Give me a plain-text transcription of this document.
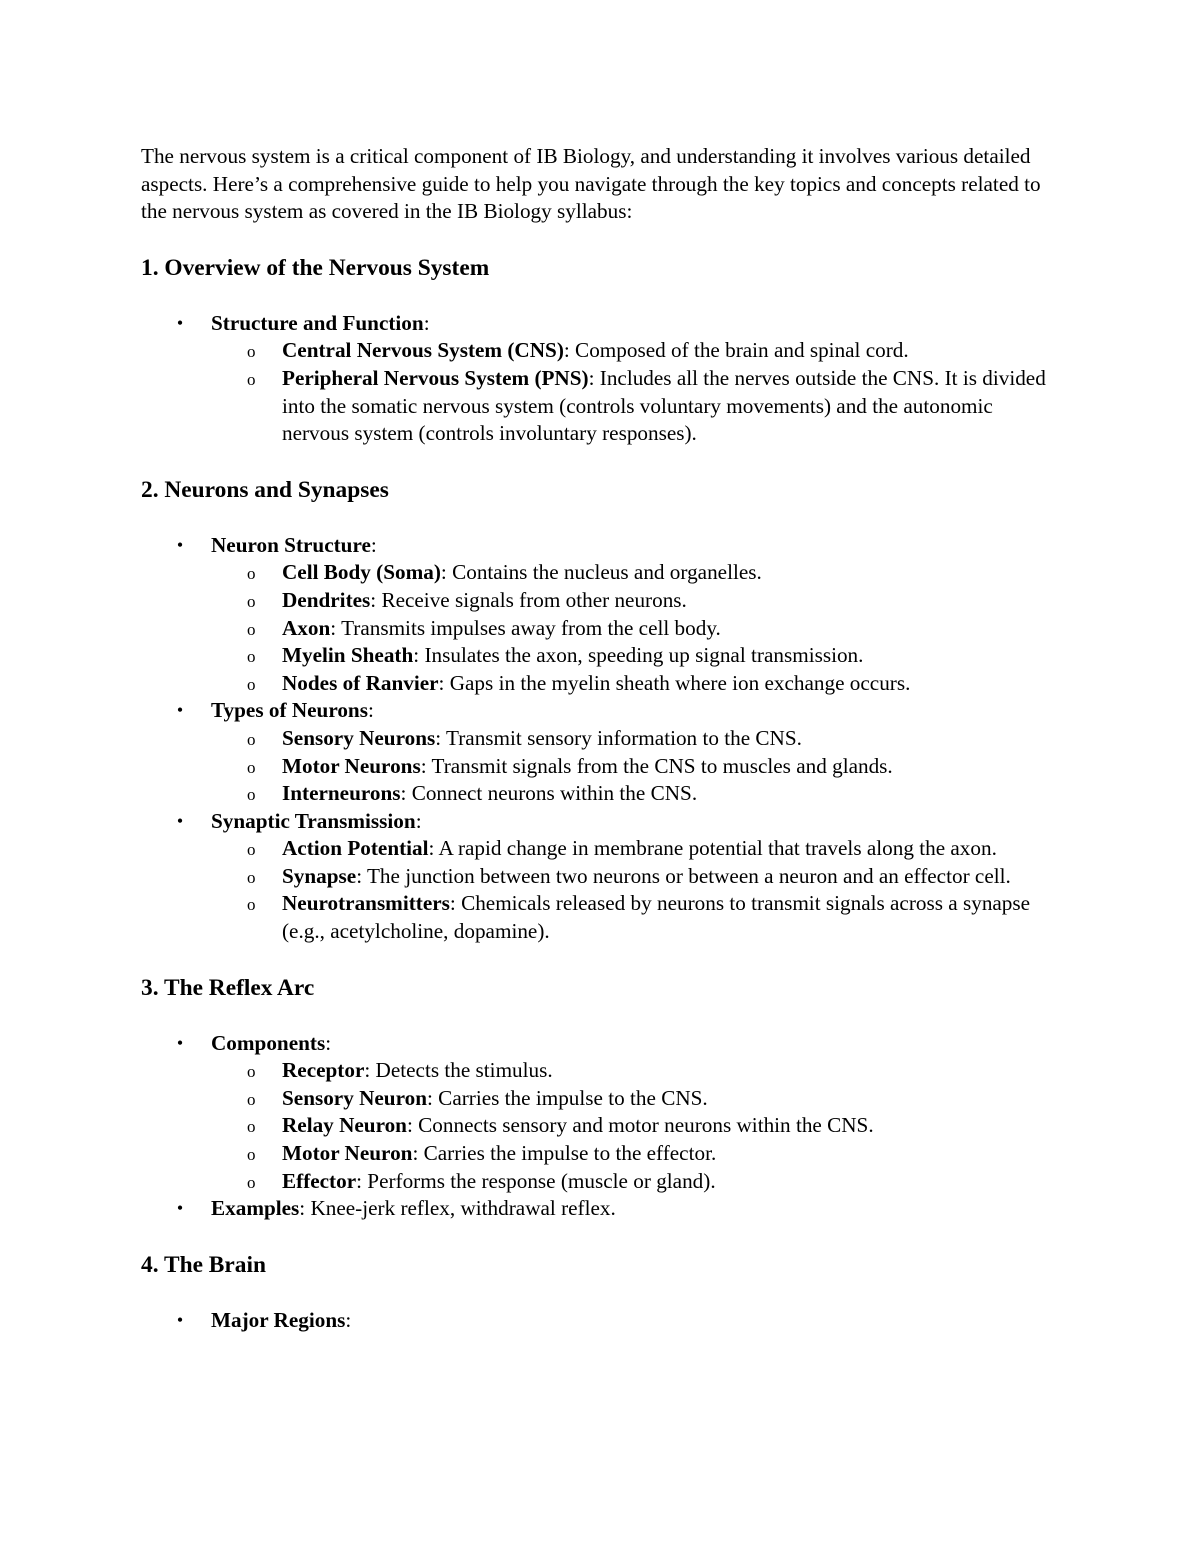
The nervous system is a critical component of IB Biology, and understanding it involves various detailed aspects. Here’s a comprehensive guide to help you navigate through the key topics and concepts related to the nervous system as covered in the IB Biology syllabus:

1. Overview of the Nervous System
• Structure and Function:
o Central Nervous System (CNS): Composed of the brain and spinal cord.
o Peripheral Nervous System (PNS): Includes all the nerves outside the CNS. It is divided into the somatic nervous system (controls voluntary movements) and the autonomic nervous system (controls involuntary responses).
2. Neurons and Synapses
• Neuron Structure:
o Cell Body (Soma): Contains the nucleus and organelles.
o Dendrites: Receive signals from other neurons.
o Axon: Transmits impulses away from the cell body.
o Myelin Sheath: Insulates the axon, speeding up signal transmission.
o Nodes of Ranvier: Gaps in the myelin sheath where ion exchange occurs.
• Types of Neurons:
o Sensory Neurons: Transmit sensory information to the CNS.
o Motor Neurons: Transmit signals from the CNS to muscles and glands.
o Interneurons: Connect neurons within the CNS.
• Synaptic Transmission:
o Action Potential: A rapid change in membrane potential that travels along the axon.
o Synapse: The junction between two neurons or between a neuron and an effector cell.
o Neurotransmitters: Chemicals released by neurons to transmit signals across a synapse (e.g., acetylcholine, dopamine).
3. The Reflex Arc
• Components:
o Receptor: Detects the stimulus.
o Sensory Neuron: Carries the impulse to the CNS.
o Relay Neuron: Connects sensory and motor neurons within the CNS.
o Motor Neuron: Carries the impulse to the effector.
o Effector: Performs the response (muscle or gland).
• Examples: Knee-jerk reflex, withdrawal reflex.
4. The Brain
• Major Regions:
